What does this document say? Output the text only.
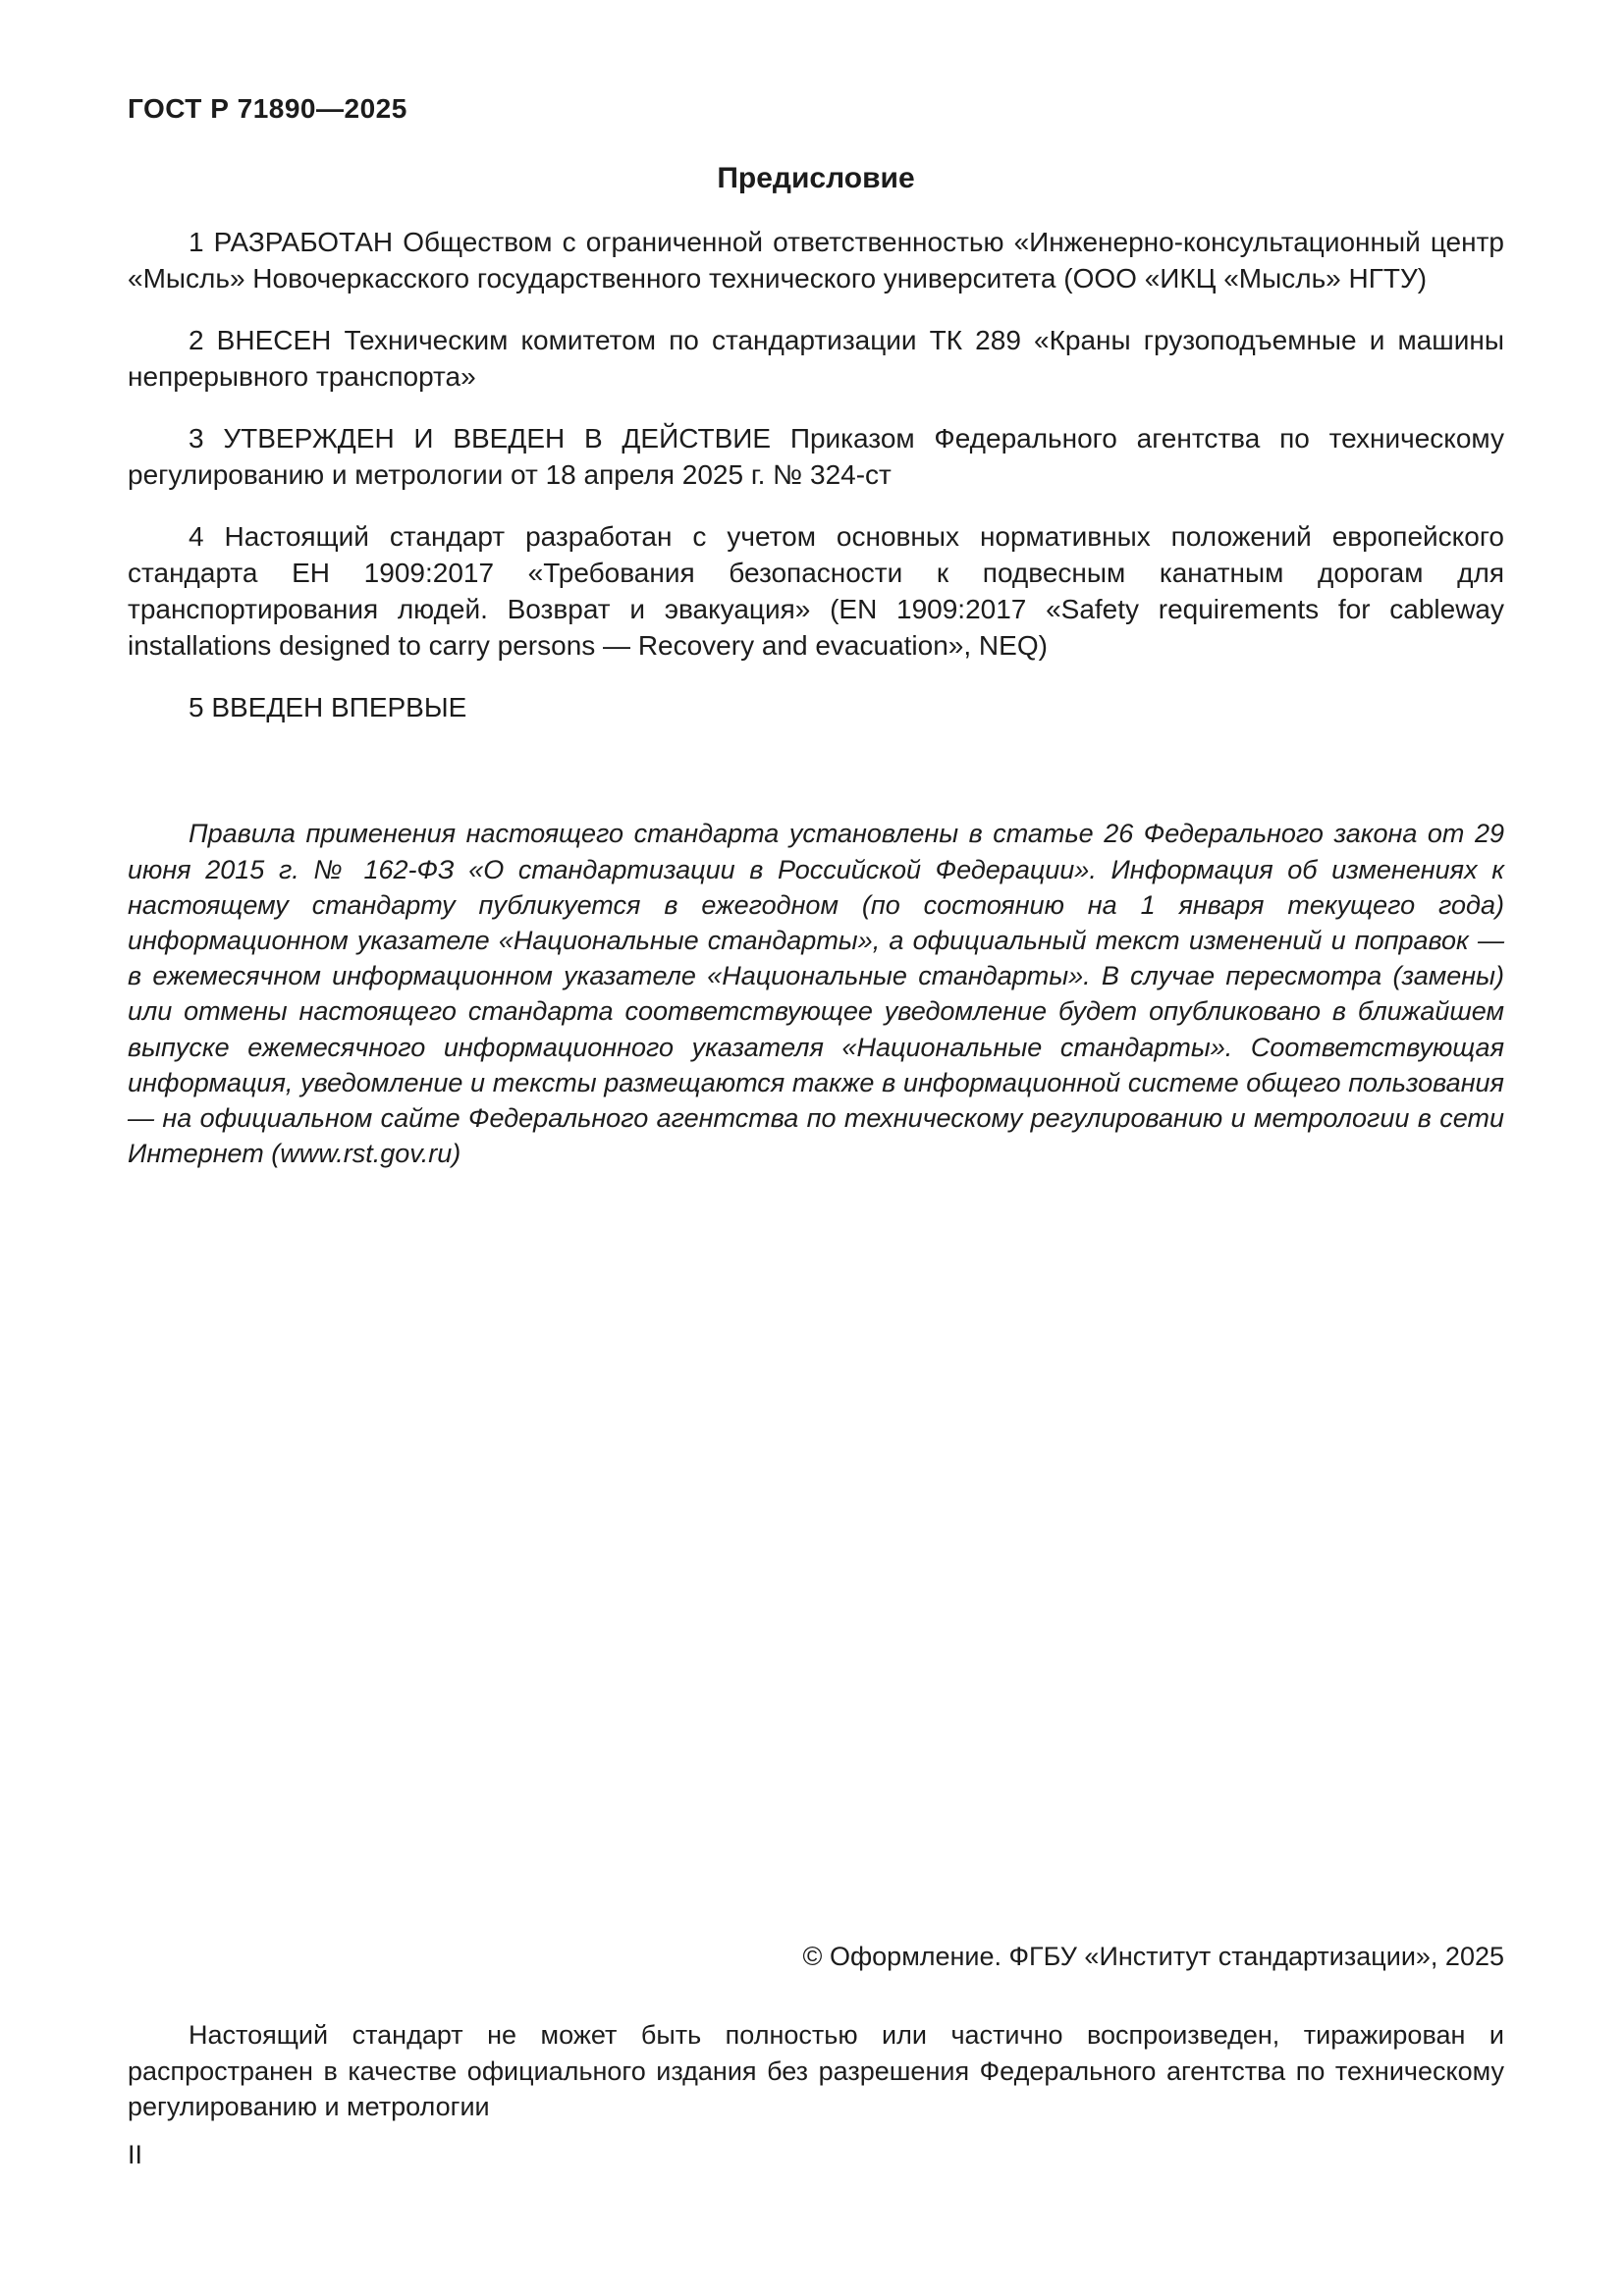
ГОСТ Р 71890—2025
Предисловие

1 РАЗРАБОТАН Обществом с ограниченной ответственностью «Инженерно-консультационный центр «Мысль» Новочеркасского государственного технического университета (ООО «ИКЦ «Мысль» НГТУ)

2 ВНЕСЕН Техническим комитетом по стандартизации ТК 289 «Краны грузоподъемные и машины непрерывного транспорта»

3 УТВЕРЖДЕН И ВВЕДЕН В ДЕЙСТВИЕ Приказом Федерального агентства по техническому регулированию и метрологии от 18 апреля 2025 г. № 324-ст

4 Настоящий стандарт разработан с учетом основных нормативных положений европейского стандарта ЕН 1909:2017 «Требования безопасности к подвесным канатным дорогам для транспортирования людей. Возврат и эвакуация» (EN 1909:2017 «Safety requirements for cableway installations designed to carry persons — Recovery and evacuation», NEQ)

5 ВВЕДЕН ВПЕРВЫЕ

Правила применения настоящего стандарта установлены в статье 26 Федерального закона от 29 июня 2015 г. № 162-ФЗ «О стандартизации в Российской Федерации». Информация об изменениях к настоящему стандарту публикуется в ежегодном (по состоянию на 1 января текущего года) информационном указателе «Национальные стандарты», а официальный текст изменений и поправок — в ежемесячном информационном указателе «Национальные стандарты». В случае пересмотра (замены) или отмены настоящего стандарта соответствующее уведомление будет опубликовано в ближайшем выпуске ежемесячного информационного указателя «Национальные стандарты». Соответствующая информация, уведомление и тексты размещаются также в информационной системе общего пользования — на официальном сайте Федерального агентства по техническому регулированию и метрологии в сети Интернет (www.rst.gov.ru)

© Оформление. ФГБУ «Институт стандартизации», 2025

Настоящий стандарт не может быть полностью или частично воспроизведен, тиражирован и распространен в качестве официального издания без разрешения Федерального агентства по техническому регулированию и метрологии

II
